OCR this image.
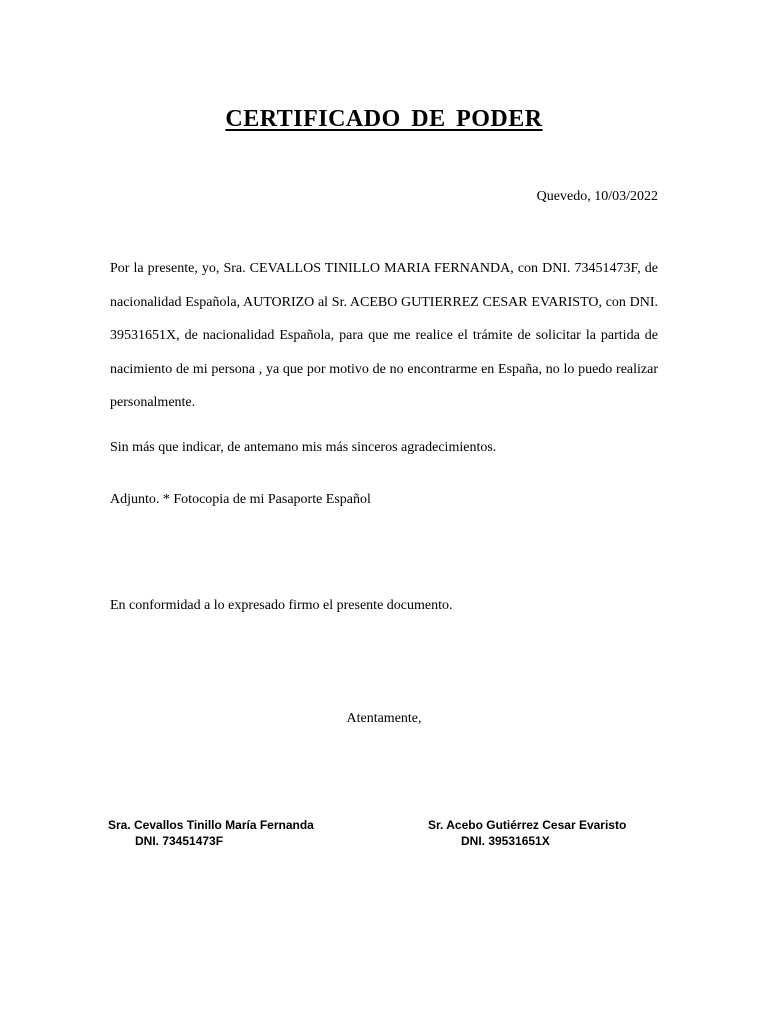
CERTIFICADO DE PODER
Quevedo, 10/03/2022

Por la presente, yo, Sra. CEVALLOS TINILLO MARIA FERNANDA, con DNI. 73451473F, de nacionalidad Española, AUTORIZO al Sr. ACEBO GUTIERREZ CESAR EVARISTO, con DNI. 39531651X, de nacionalidad Española, para que me realice el trámite de solicitar la partida de nacimiento de mi persona , ya que por motivo de no encontrarme en España, no lo puedo realizar personalmente.

Sin más que indicar, de antemano mis más sinceros agradecimientos.

Adjunto. * Fotocopia de mi Pasaporte Español

En conformidad a lo expresado firmo el presente documento.

Atentamente,
Sra. Cevallos Tinillo María Fernanda
DNI. 73451473F
Sr. Acebo Gutiérrez Cesar Evaristo
DNI. 39531651X
